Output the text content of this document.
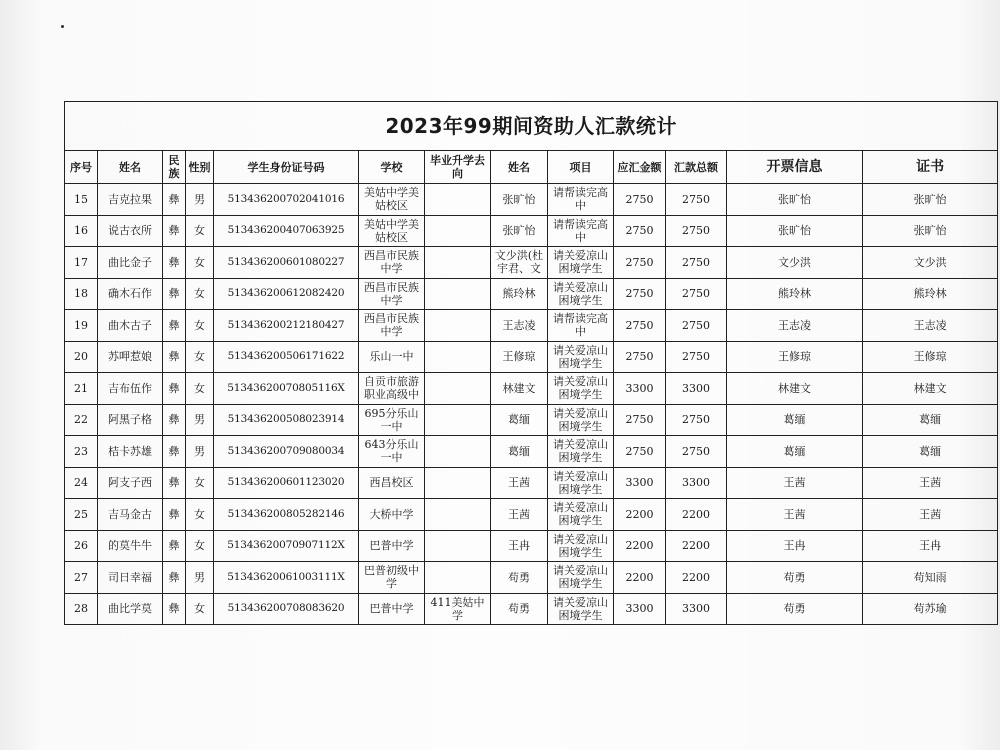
2023年99期间资助人汇款统计												
序号	姓名	民族	性别	学生身份证号码	学校	毕业升学去向	姓名	项目	应汇金额	汇款总额	开票信息	证书
15	吉克拉果	彝	男	513436200702041016	美姑中学美姑校区		张旷怡	请帮读完高中	2750	2750	张旷怡	张旷怡
16	说古衣所	彝	女	513436200407063925	美姑中学美姑校区		张旷怡	请帮读完高中	2750	2750	张旷怡	张旷怡
17	曲比金子	彝	女	513436200601080227	西昌市民族中学		文少洪(杜宇君、文	请关爱凉山困境学生	2750	2750	文少洪	文少洪
18	确木石作	彝	女	513436200612082420	西昌市民族中学		熊玲林	请关爱凉山困境学生	2750	2750	熊玲林	熊玲林
19	曲木古子	彝	女	513436200212180427	西昌市民族中学		王志凌	请帮读完高中	2750	2750	王志凌	王志凌
20	苏呷惹娘	彝	女	513436200506171622	乐山一中		王修琼	请关爱凉山困境学生	2750	2750	王修琼	王修琼
21	吉布伍作	彝	女	51343620070805116X	自贡市旅游职业高级中		林建文	请关爱凉山困境学生	3300	3300	林建文	林建文
22	阿黑子格	彝	男	513436200508023914	695分乐山一中		葛缅	请关爱凉山困境学生	2750	2750	葛缅	葛缅
23	桔卡苏雄	彝	男	513436200709080034	643分乐山一中		葛缅	请关爱凉山困境学生	2750	2750	葛缅	葛缅
24	阿支子西	彝	女	513436200601123020	西昌校区		王茜	请关爱凉山困境学生	3300	3300	王茜	王茜
25	吉马金古	彝	女	513436200805282146	大桥中学		王茜	请关爱凉山困境学生	2200	2200	王茜	王茜
26	的莫牛牛	彝	女	51343620070907112X	巴普中学		王冉	请关爱凉山困境学生	2200	2200	王冉	王冉
27	司日幸福	彝	男	51343620061003111X	巴普初级中学		苟勇	请关爱凉山困境学生	2200	2200	苟勇	苟知雨
28	曲比学莫	彝	女	513436200708083620	巴普中学	411美姑中学	苟勇	请关爱凉山困境学生	3300	3300	苟勇	苟苏瑜
